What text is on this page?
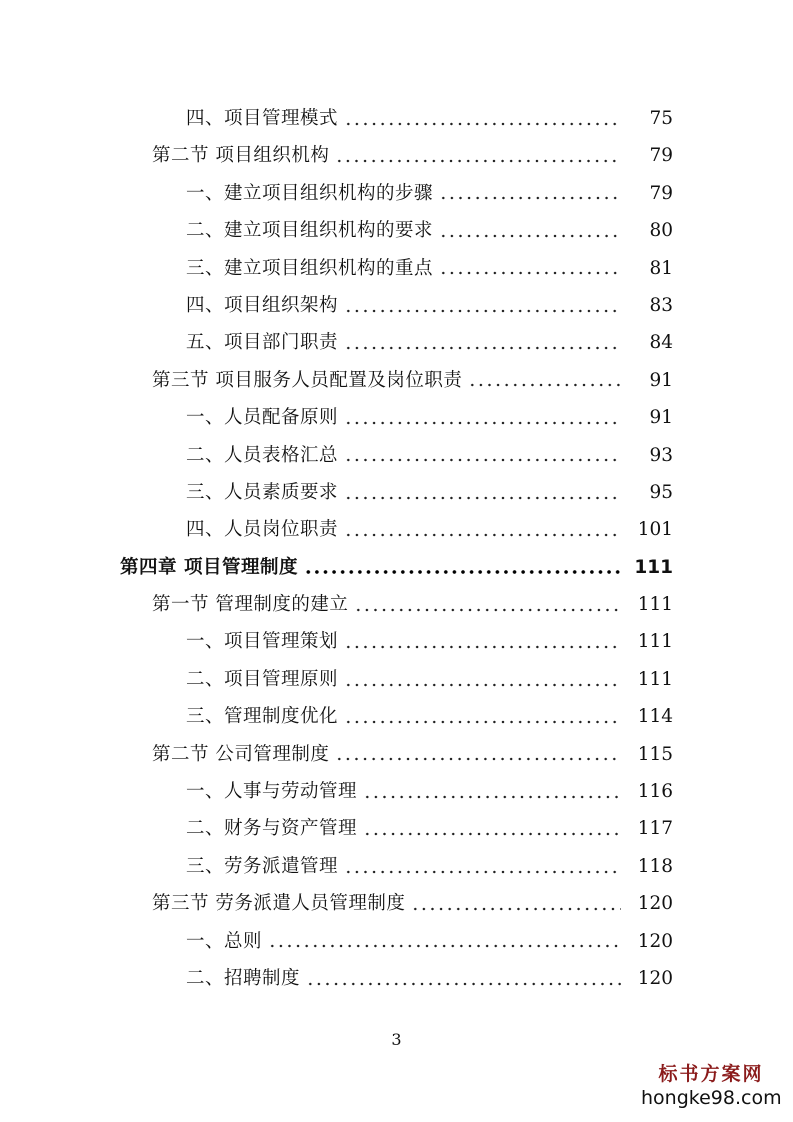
四、项目管理模式	75
第二节 项目组织机构	79
一、建立项目组织机构的步骤	79
二、建立项目组织机构的要求	80
三、建立项目组织机构的重点	81
四、项目组织架构	83
五、项目部门职责	84
第三节 项目服务人员配置及岗位职责	91
一、人员配备原则	91
二、人员表格汇总	93
三、人员素质要求	95
四、人员岗位职责	101
第四章 项目管理制度	111
第一节 管理制度的建立	111
一、项目管理策划	111
二、项目管理原则	111
三、管理制度优化	114
第二节 公司管理制度	115
一、人事与劳动管理	116
二、财务与资产管理	117
三、劳务派遣管理	118
第三节 劳务派遣人员管理制度	120
一、总则	120
二、招聘制度	120
3
标书方案网
hongke98.com
